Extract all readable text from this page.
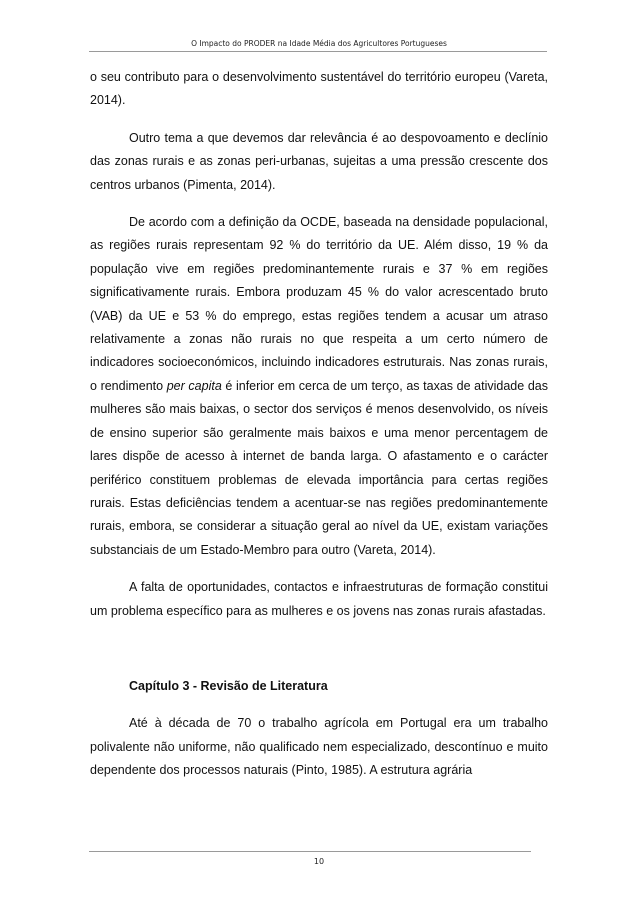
O Impacto do PRODER na Idade Média dos Agricultores Portugueses

o seu contributo para o desenvolvimento sustentável do território europeu (Vareta, 2014).

Outro tema a que devemos dar relevância é ao despovoamento e declínio das zonas rurais e as zonas peri-urbanas, sujeitas a uma pressão crescente dos centros urbanos (Pimenta, 2014).

De acordo com a definição da OCDE, baseada na densidade populacional, as regiões rurais representam 92 % do território da UE. Além disso, 19 % da população vive em regiões predominantemente rurais e 37 % em regiões significativamente rurais. Embora produzam 45 % do valor acrescentado bruto (VAB) da UE e 53 % do emprego, estas regiões tendem a acusar um atraso relativamente a zonas não rurais no que respeita a um certo número de indicadores socioeconómicos, incluindo indicadores estruturais. Nas zonas rurais, o rendimento per capita é inferior em cerca de um terço, as taxas de atividade das mulheres são mais baixas, o sector dos serviços é menos desenvolvido, os níveis de ensino superior são geralmente mais baixos e uma menor percentagem de lares dispõe de acesso à internet de banda larga. O afastamento e o carácter periférico constituem problemas de elevada importância para certas regiões rurais. Estas deficiências tendem a acentuar-se nas regiões predominantemente rurais, embora, se considerar a situação geral ao nível da UE, existam variações substanciais de um Estado-Membro para outro (Vareta, 2014).

A falta de oportunidades, contactos e infraestruturas de formação constitui um problema específico para as mulheres e os jovens nas zonas rurais afastadas.

Capítulo 3 - Revisão de Literatura

Até à década de 70 o trabalho agrícola em Portugal era um trabalho polivalente não uniforme, não qualificado nem especializado, descontínuo e muito dependente dos processos naturais (Pinto, 1985). A estrutura agrária

10
